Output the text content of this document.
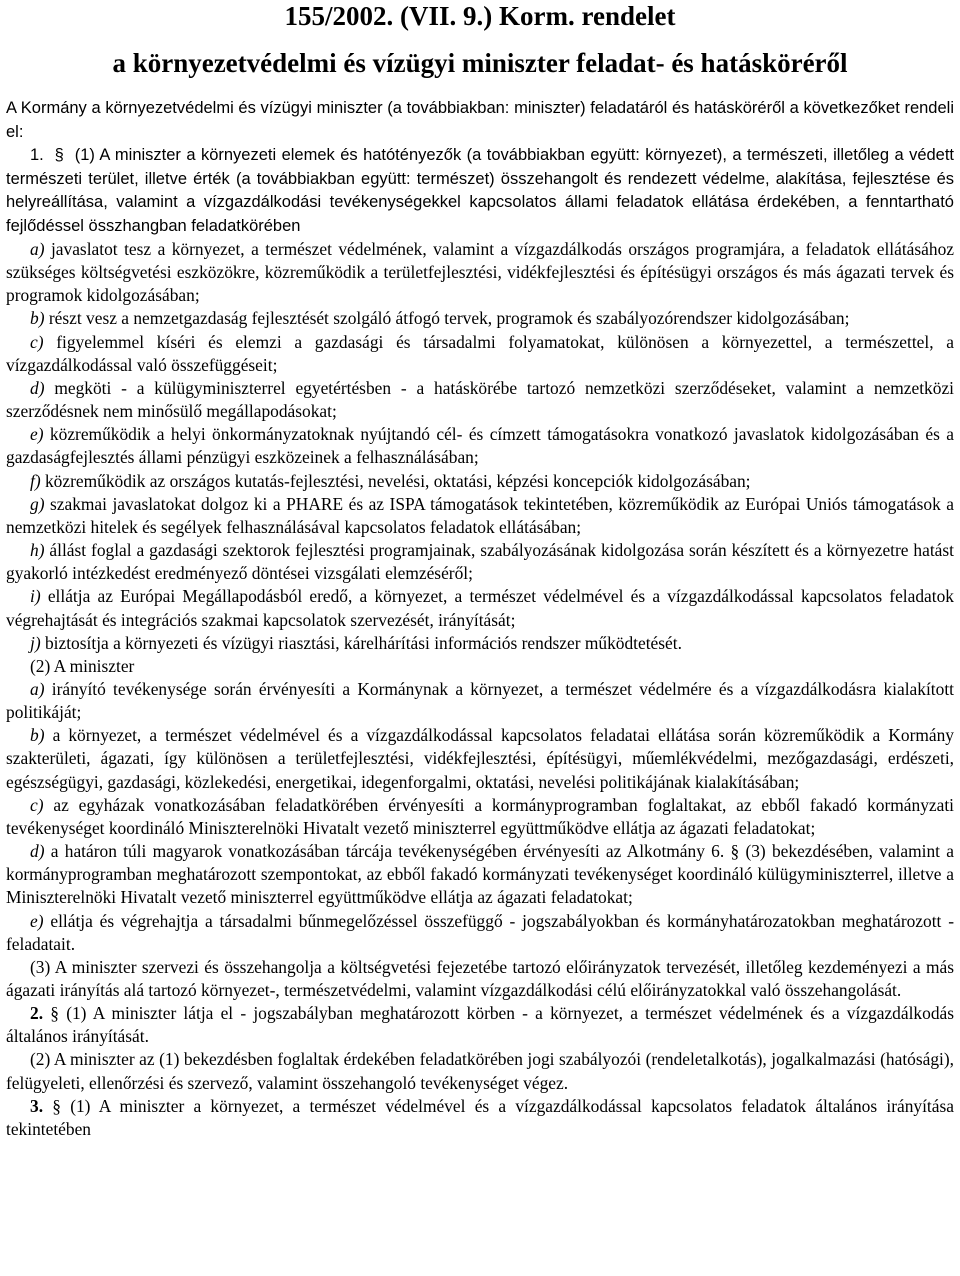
155/2002. (VII. 9.) Korm. rendelet
a környezetvédelmi és vízügyi miniszter feladat- és hatásköréről

A Kormány a környezetvédelmi és vízügyi miniszter (a továbbiakban: miniszter) feladatáról és hatásköréről a következőket rendeli el:

1. § (1) A miniszter a környezeti elemek és hatótényezők (a továbbiakban együtt: környezet), a természeti, illetőleg a védett természeti terület, illetve érték (a továbbiakban együtt: természet) összehangolt és rendezett védelme, alakítása, fejlesztése és helyreállítása, valamint a vízgazdálkodási tevékenységekkel kapcsolatos állami feladatok ellátása érdekében, a fenntartható fejlődéssel összhangban feladatkörében

a) javaslatot tesz a környezet, a természet védelmének, valamint a vízgazdálkodás országos programjára, a feladatok ellátásához szükséges költségvetési eszközökre, közreműködik a területfejlesztési, vidékfejlesztési és építésügyi országos és más ágazati tervek és programok kidolgozásában;

b) részt vesz a nemzetgazdaság fejlesztését szolgáló átfogó tervek, programok és szabályozórendszer kidolgozásában;

c) figyelemmel kíséri és elemzi a gazdasági és társadalmi folyamatokat, különösen a környezettel, a természettel, a vízgazdálkodással való összefüggéseit;

d) megköti - a külügyminiszterrel egyetértésben - a hatáskörébe tartozó nemzetközi szerződéseket, valamint a nemzetközi szerződésnek nem minősülő megállapodásokat;

e) közreműködik a helyi önkormányzatoknak nyújtandó cél- és címzett támogatásokra vonatkozó javaslatok kidolgozásában és a gazdaságfejlesztés állami pénzügyi eszközeinek a felhasználásában;

f) közreműködik az országos kutatás-fejlesztési, nevelési, oktatási, képzési koncepciók kidolgozásában;

g) szakmai javaslatokat dolgoz ki a PHARE és az ISPA támogatások tekintetében, közreműködik az Európai Uniós támogatások a nemzetközi hitelek és segélyek felhasználásával kapcsolatos feladatok ellátásában;

h) állást foglal a gazdasági szektorok fejlesztési programjainak, szabályozásának kidolgozása során készített és a környezetre hatást gyakorló intézkedést eredményező döntései vizsgálati elemzéséről;

i) ellátja az Európai Megállapodásból eredő, a környezet, a természet védelmével és a vízgazdálkodással kapcsolatos feladatok végrehajtását és integrációs szakmai kapcsolatok szervezését, irányítását;

j) biztosítja a környezeti és vízügyi riasztási, kárelhárítási információs rendszer működtetését.

(2) A miniszter

a) irányító tevékenysége során érvényesíti a Kormánynak a környezet, a természet védelmére és a vízgazdálkodásra kialakított politikáját;

b) a környezet, a természet védelmével és a vízgazdálkodással kapcsolatos feladatai ellátása során közreműködik a Kormány szakterületi, ágazati, így különösen a területfejlesztési, vidékfejlesztési, építésügyi, műemlékvédelmi, mezőgazdasági, erdészeti, egészségügyi, gazdasági, közlekedési, energetikai, idegenforgalmi, oktatási, nevelési politikájának kialakításában;

c) az egyházak vonatkozásában feladatkörében érvényesíti a kormányprogramban foglaltakat, az ebből fakadó kormányzati tevékenységet koordináló Miniszterelnöki Hivatalt vezető miniszterrel együttműködve ellátja az ágazati feladatokat;

d) a határon túli magyarok vonatkozásában tárcája tevékenységében érvényesíti az Alkotmány 6. § (3) bekezdésében, valamint a kormányprogramban meghatározott szempontokat, az ebből fakadó kormányzati tevékenységet koordináló külügyminiszterrel, illetve a Miniszterelnöki Hivatalt vezető miniszterrel együttműködve ellátja az ágazati feladatokat;

e) ellátja és végrehajtja a társadalmi bűnmegelőzéssel összefüggő - jogszabályokban és kormányhatározatokban meghatározott - feladatait.

(3) A miniszter szervezi és összehangolja a költségvetési fejezetébe tartozó előirányzatok tervezését, illetőleg kezdeményezi a más ágazati irányítás alá tartozó környezet-, természetvédelmi, valamint vízgazdálkodási célú előirányzatokkal való összehangolását.

2. § (1) A miniszter látja el - jogszabályban meghatározott körben - a környezet, a természet védelmének és a vízgazdálkodás általános irányítását.

(2) A miniszter az (1) bekezdésben foglaltak érdekében feladatkörében jogi szabályozói (rendeletalkotás), jogalkalmazási (hatósági), felügyeleti, ellenőrzési és szervező, valamint összehangoló tevékenységet végez.

3. § (1) A miniszter a környezet, a természet védelmével és a vízgazdálkodással kapcsolatos feladatok általános irányítása tekintetében
